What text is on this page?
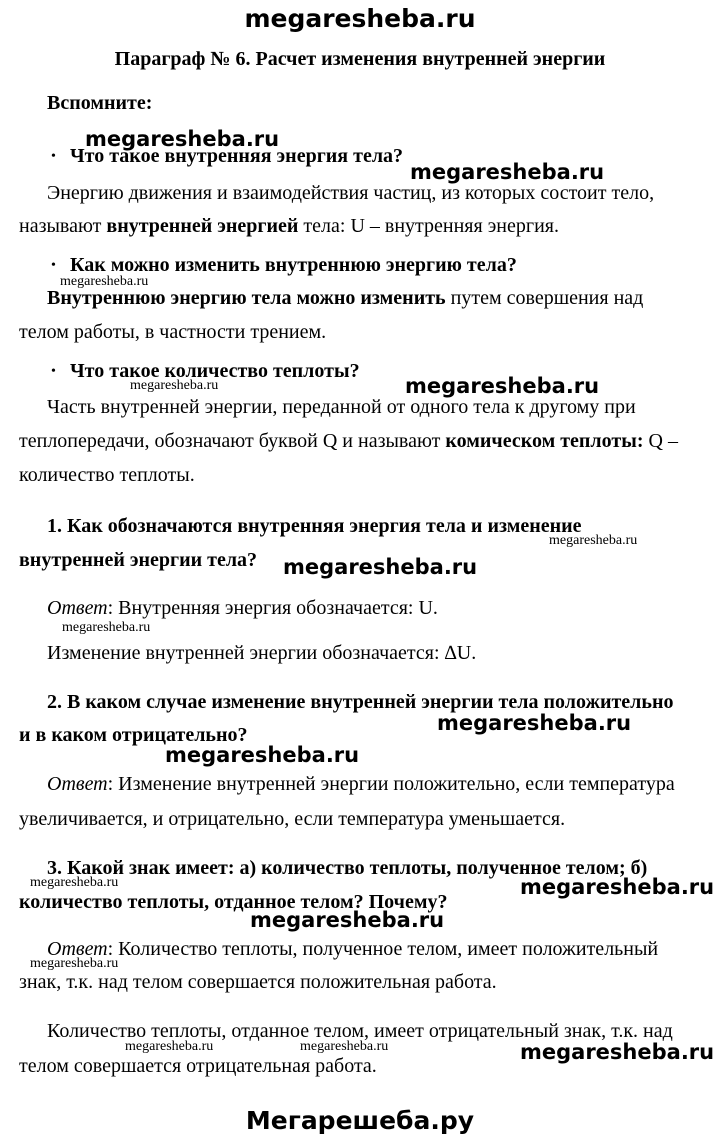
megaresheba.ru
Параграф № 6. Расчет изменения внутренней энергии
Вспомните:
• Что такое внутренняя энергия тела?
Энергию движения и взаимодействия частиц, из которых состоит тело,
называют внутренней энергией тела: U – внутренняя энергия.
• Как можно изменить внутреннюю энергию тела?
Внутреннюю энергию тела можно изменить путем совершения над
телом работы, в частности трением.
• Что такое количество теплоты?
Часть внутренней энергии, переданной от одного тела к другому при
теплопередачи, обозначают буквой Q и называют комическом теплоты: Q –
количество теплоты.
1. Как обозначаются внутренняя энергия тела и изменение
внутренней энергии тела?
Ответ: Внутренняя энергия обозначается: U.
Изменение внутренней энергии обозначается: ∆U.
2. В каком случае изменение внутренней энергии тела положительно
и в каком отрицательно?
Ответ: Изменение внутренней энергии положительно, если температура
увеличивается, и отрицательно, если температура уменьшается.
3. Какой знак имеет: а) количество теплоты, полученное телом; б)
количество теплоты, отданное телом? Почему?
Ответ: Количество теплоты, полученное телом, имеет положительный
знак, т.к. над телом совершается положительная работа.
Количество теплоты, отданное телом, имеет отрицательный знак, т.к. над
телом совершается отрицательная работа.
megaresheba.ru
megaresheba.ru
megaresheba.ru
megaresheba.ru	megaresheba.ru
megaresheba.ru
megaresheba.ru
megaresheba.ru
megaresheba.ru
megaresheba.ru
megaresheba.ru	megaresheba.ru
megaresheba.ru
megaresheba.ru
megaresheba.ru	megaresheba.ru	megaresheba.ru
Мегарешеба.ру
